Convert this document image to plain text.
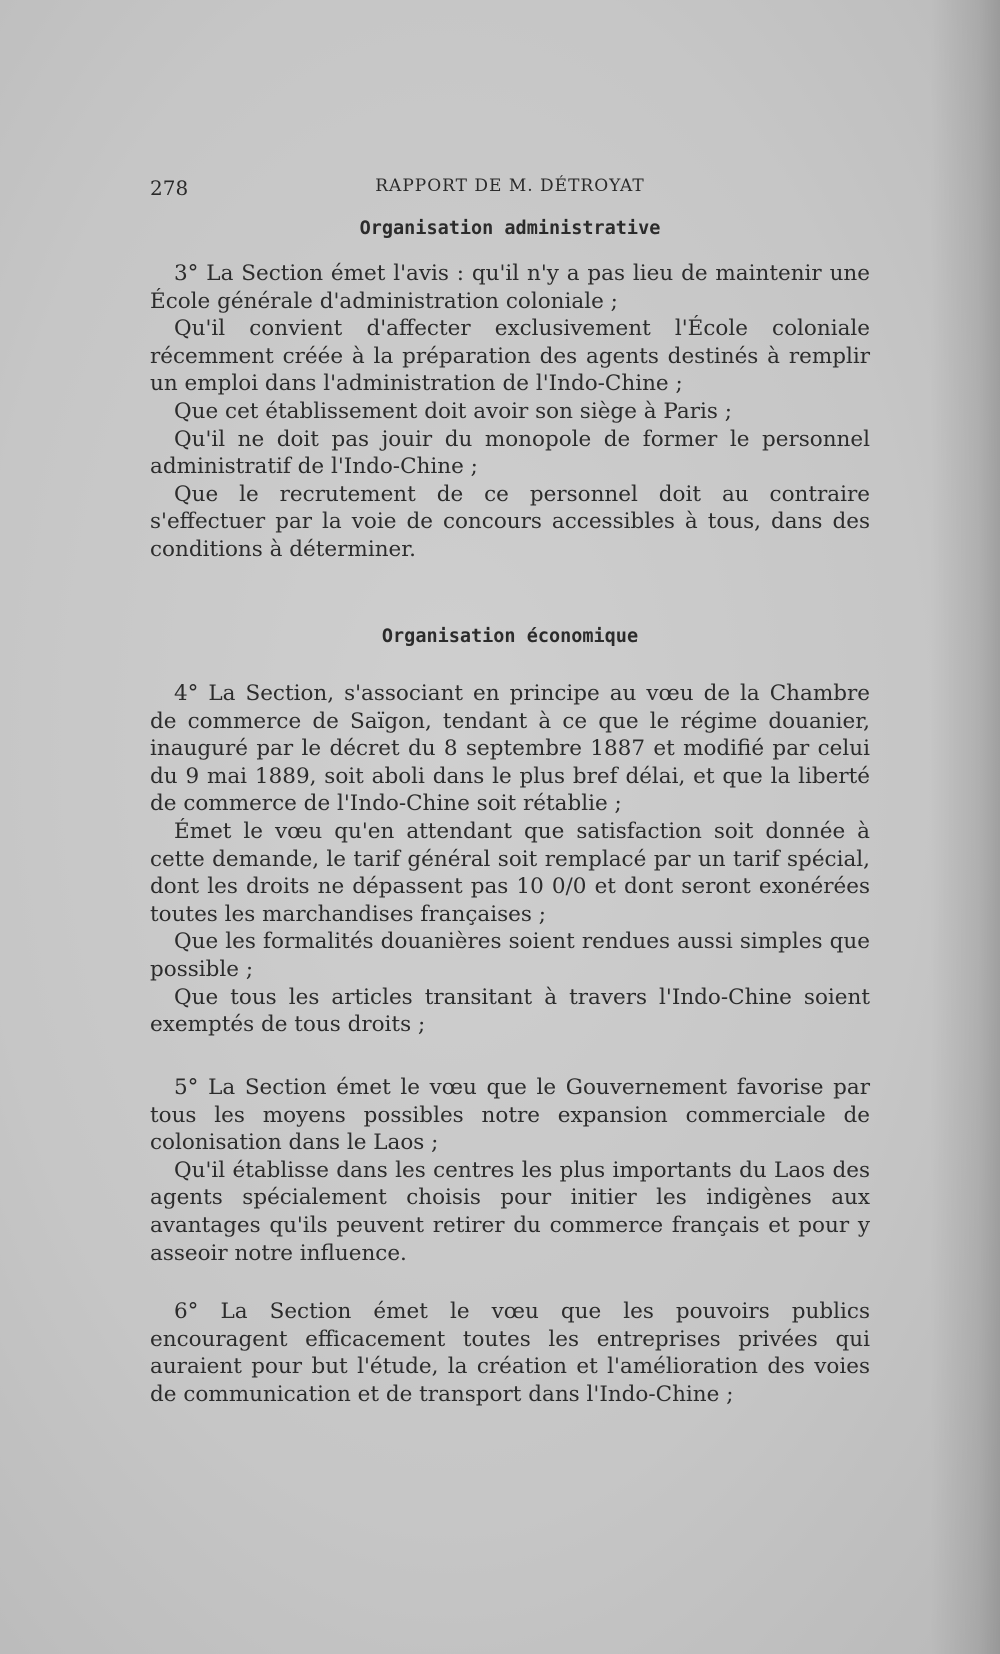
278	RAPPORT DE M. DÉTROYAT
Organisation administrative

3° La Section émet l'avis : qu'il n'y a pas lieu de maintenir une École générale d'administration coloniale ;

Qu'il convient d'affecter exclusivement l'École coloniale récemment créée à la préparation des agents destinés à remplir un emploi dans l'administration de l'Indo-Chine ;

Que cet établissement doit avoir son siège à Paris ;

Qu'il ne doit pas jouir du monopole de former le personnel administratif de l'Indo-Chine ;

Que le recrutement de ce personnel doit au contraire s'effectuer par la voie de concours accessibles à tous, dans des conditions à déterminer.

Organisation économique

4° La Section, s'associant en principe au vœu de la Chambre de commerce de Saïgon, tendant à ce que le régime douanier, inauguré par le décret du 8 septembre 1887 et modifié par celui du 9 mai 1889, soit aboli dans le plus bref délai, et que la liberté de commerce de l'Indo-Chine soit rétablie ;

Émet le vœu qu'en attendant que satisfaction soit donnée à cette demande, le tarif général soit remplacé par un tarif spécial, dont les droits ne dépassent pas 10 0/0 et dont seront exonérées toutes les marchandises françaises ;

Que les formalités douanières soient rendues aussi simples que possible ;

Que tous les articles transitant à travers l'Indo-Chine soient exemptés de tous droits ;

5° La Section émet le vœu que le Gouvernement favorise par tous les moyens possibles notre expansion commerciale de colonisation dans le Laos ;

Qu'il établisse dans les centres les plus importants du Laos des agents spécialement choisis pour initier les indigènes aux avantages qu'ils peuvent retirer du commerce français et pour y asseoir notre influence.

6° La Section émet le vœu que les pouvoirs publics encouragent efficacement toutes les entreprises privées qui auraient pour but l'étude, la création et l'amélioration des voies de communication et de transport dans l'Indo-Chine ;
